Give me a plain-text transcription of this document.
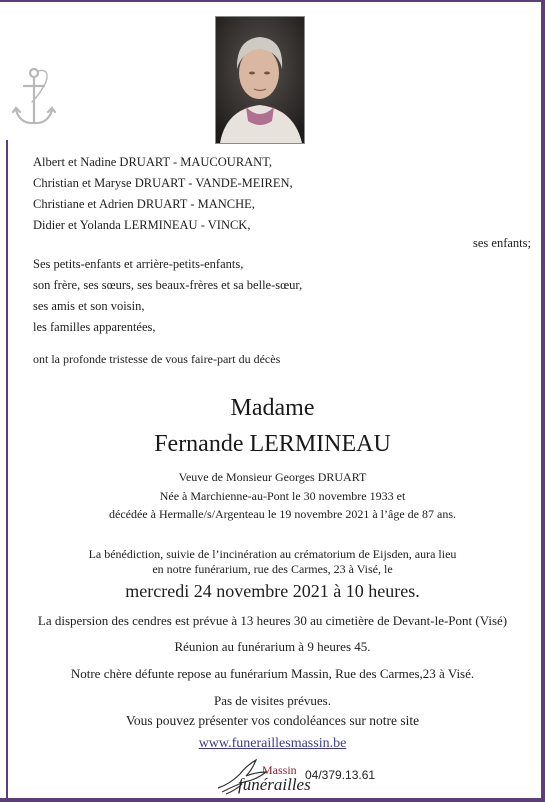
Albert et Nadine DRUART - MAUCOURANT,
Christian et Maryse DRUART - VANDE-MEIREN,
Christiane et Adrien DRUART - MANCHE,
Didier et Yolanda LERMINEAU - VINCK,
ses enfants;
Ses petits-enfants et arrière-petits-enfants,
son frère, ses sœurs, ses beaux-frères et sa belle-sœur,
ses amis et son voisin,
les familles apparentées,
ont la profonde tristesse de vous faire-part du décès
Madame
Fernande LERMINEAU
Veuve de Monsieur Georges DRUART
Née à Marchienne-au-Pont le 30 novembre 1933 et
décédée à Hermalle/s/Argenteau le 19 novembre 2021 à l’âge de 87 ans.
La bénédiction, suivie de l’incinération au crématorium de Eijsden, aura lieu
en notre funérarium, rue des Carmes, 23 à Visé, le
mercredi 24 novembre 2021 à 10 heures.
La dispersion des cendres est prévue à 13 heures 30 au cimetière de Devant-le-Pont (Visé)
Réunion au funérarium à 9 heures 45.
Notre chère défunte repose au funérarium Massin, Rue des Carmes,23 à Visé.
Pas de visites prévues.
Vous pouvez présenter vos condoléances sur notre site
www.funeraillesmassin.be
Massin
funérailles
04/379.13.61
